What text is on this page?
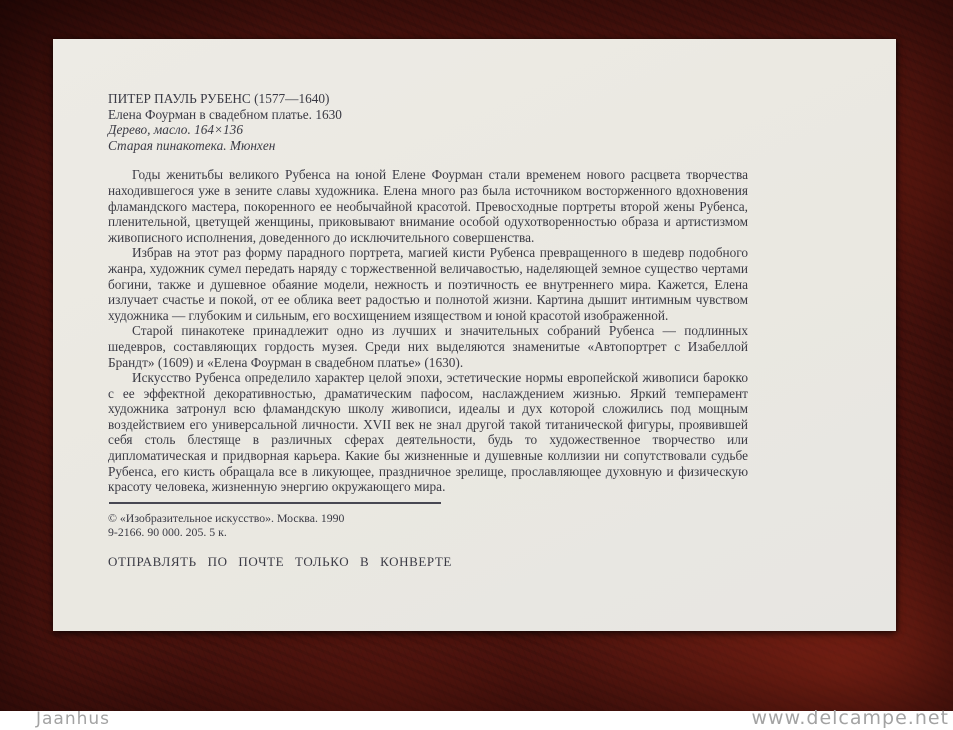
ПИТЕР ПАУЛЬ РУБЕНС (1577—1640)
Елена Фоурман в свадебном платье. 1630
Дерево, масло. 164×136
Старая пинакотека. Мюнхен

Годы женитьбы великого Рубенса на юной Елене Фоурман стали временем нового расцвета творчества находившегося уже в зените славы художника. Елена много раз была источником восторженного вдохновения фламандского мастера, покоренного ее необычайной красотой. Превосходные портреты второй жены Рубенса, пленительной, цветущей женщины, приковывают внимание особой одухотворенностью образа и артистизмом живописного исполнения, доведенного до исключительного совершенства.

Избрав на этот раз форму парадного портрета, магией кисти Рубенса превращенного в шедевр подобного жанра, художник сумел передать наряду с торжественной величавостью, наделяющей земное существо чертами богини, также и душевное обаяние модели, нежность и поэтичность ее внутреннего мира. Кажется, Елена излучает счастье и покой, от ее облика веет радостью и полнотой жизни. Картина дышит интимным чувством художника — глубоким и сильным, его восхищением изяществом и юной красотой изображенной.

Старой пинакотеке принадлежит одно из лучших и значительных собраний Рубенса — подлинных шедевров, составляющих гордость музея. Среди них выделяются знаменитые «Автопортрет с Изабеллой Брандт» (1609) и «Елена Фоурман в свадебном платье» (1630).

Искусство Рубенса определило характер целой эпохи, эстетические нормы европейской живописи барокко с ее эффектной декоративностью, драматическим пафосом, наслаждением жизнью. Яркий темперамент художника затронул всю фламандскую школу живописи, идеалы и дух которой сложились под мощным воздействием его универсальной личности. XVII век не знал другой такой титанической фигуры, проявившей себя столь блестяще в различных сферах деятельности, будь то художественное творчество или дипломатическая и придворная карьера. Какие бы жизненные и душевные коллизии ни сопутствовали судьбе Рубенса, его кисть обращала все в ликующее, праздничное зрелище, прославляющее духовную и физическую красоту человека, жизненную энергию окружающего мира.

© «Изобразительное искусство». Москва. 1990
9-2166. 90 000. 205. 5 к.
ОТПРАВЛЯТЬ ПО ПОЧТЕ ТОЛЬКО В КОНВЕРТЕ
Jaanhus	www.delcampe.net
